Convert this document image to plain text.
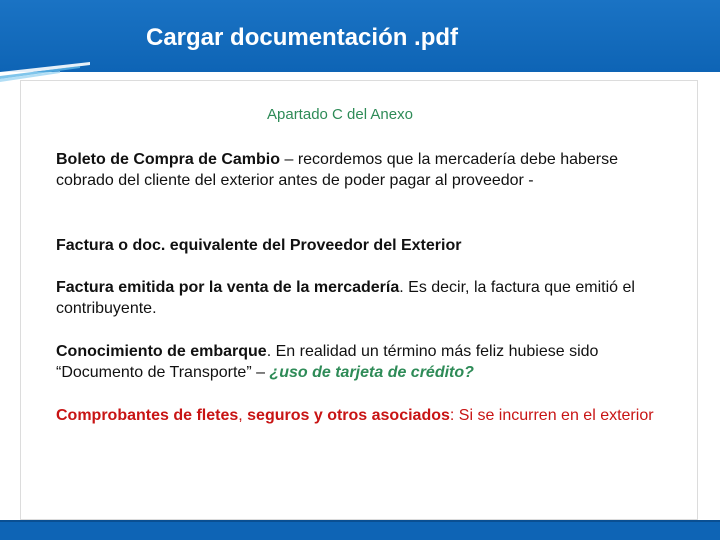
Cargar documentación .pdf
Apartado C del Anexo
Boleto de Compra de Cambio – recordemos que la mercadería debe haberse cobrado del cliente del exterior antes de poder pagar al proveedor -
Factura o doc. equivalente del Proveedor del Exterior
Factura emitida por la venta de la mercadería. Es decir, la factura que emitió el contribuyente.
Conocimiento de embarque. En realidad un término más feliz hubiese sido “Documento de Transporte” – ¿uso de tarjeta de crédito?
Comprobantes de fletes, seguros y otros asociados: Si se incurren en el exterior
